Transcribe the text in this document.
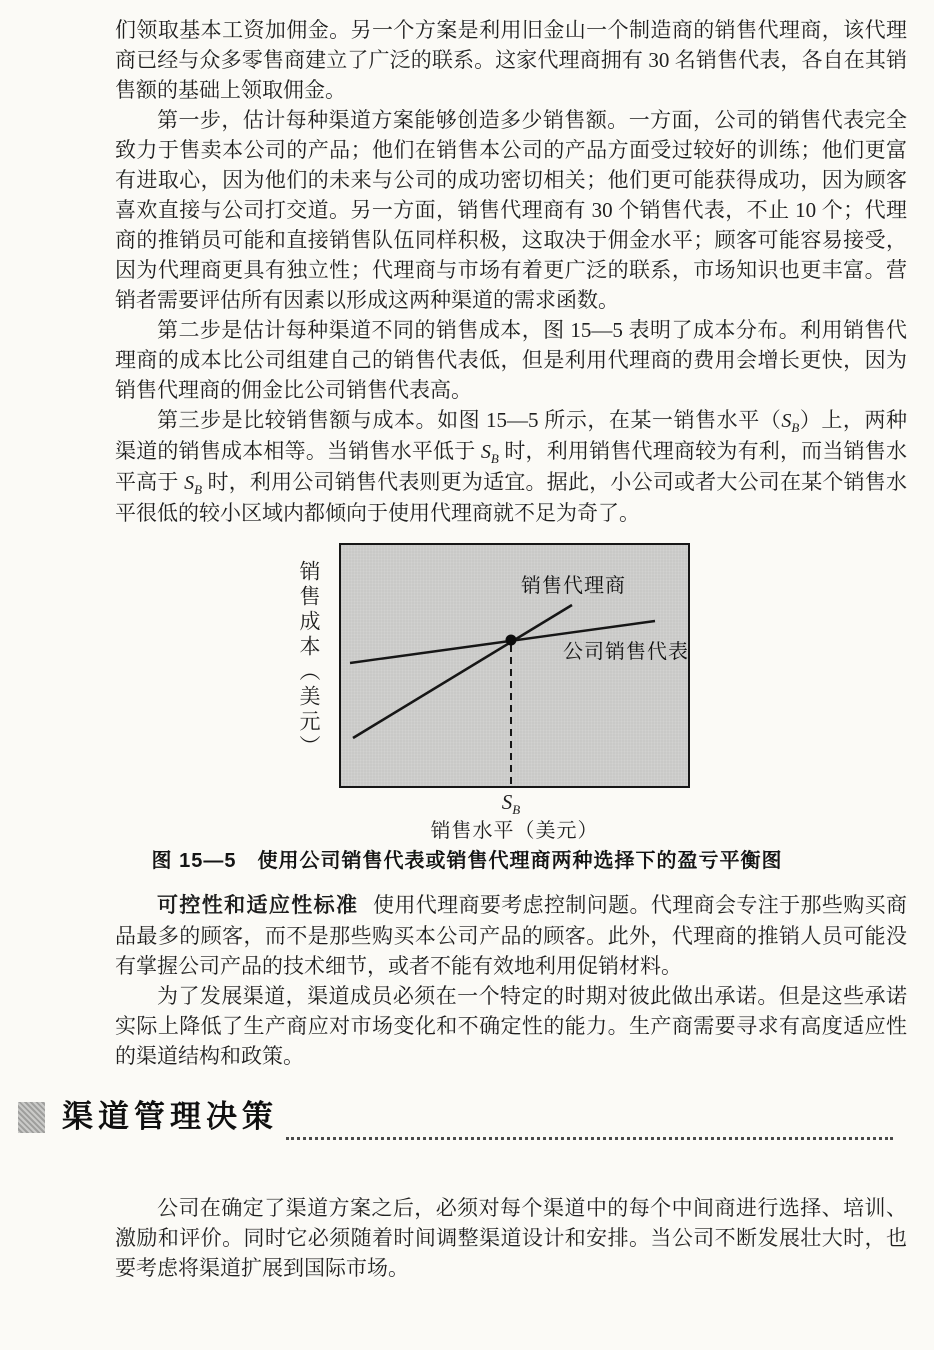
们领取基本工资加佣金。另一个方案是利用旧金山一个制造商的销售代理商，该代理商已经与众多零售商建立了广泛的联系。这家代理商拥有 30 名销售代表，各自在其销售额的基础上领取佣金。

第一步，估计每种渠道方案能够创造多少销售额。一方面，公司的销售代表完全致力于售卖本公司的产品；他们在销售本公司的产品方面受过较好的训练；他们更富有进取心，因为他们的未来与公司的成功密切相关；他们更可能获得成功，因为顾客喜欢直接与公司打交道。另一方面，销售代理商有 30 个销售代表，不止 10 个；代理商的推销员可能和直接销售队伍同样积极，这取决于佣金水平；顾客可能容易接受，因为代理商更具有独立性；代理商与市场有着更广泛的联系，市场知识也更丰富。营销者需要评估所有因素以形成这两种渠道的需求函数。

第二步是估计每种渠道不同的销售成本，图 15—5 表明了成本分布。利用销售代理商的成本比公司组建自己的销售代表低，但是利用代理商的费用会增长更快，因为销售代理商的佣金比公司销售代表高。

第三步是比较销售额与成本。如图 15—5 所示，在某一销售水平$(S_B)$上，两种渠道的销售成本相等。当销售水平低于 $S_B$ 时，利用销售代理商较为有利，而当销售水平高于 $S_B$ 时，利用公司销售代表则更为适宜。据此，小公司或者大公司在某个销售水平很低的较小区域内都倾向于使用代理商就不足为奇了。

销售成本（美元）	销售代理商
公司销售代表
$S_B$
销售水平（美元）
图 15—5　使用公司销售代表或销售代理商两种选择下的盈亏平衡图

可控性和适应性标准 使用代理商要考虑控制问题。代理商会专注于那些购买商品最多的顾客，而不是那些购买本公司产品的顾客。此外，代理商的推销人员可能没有掌握公司产品的技术细节，或者不能有效地利用促销材料。

为了发展渠道，渠道成员必须在一个特定的时期对彼此做出承诺。但是这些承诺实际上降低了生产商应对市场变化和不确定性的能力。生产商需要寻求有高度适应性的渠道结构和政策。

渠道管理决策

公司在确定了渠道方案之后，必须对每个渠道中的每个中间商进行选择、培训、激励和评价。同时它必须随着时间调整渠道设计和安排。当公司不断发展壮大时，也要考虑将渠道扩展到国际市场。
